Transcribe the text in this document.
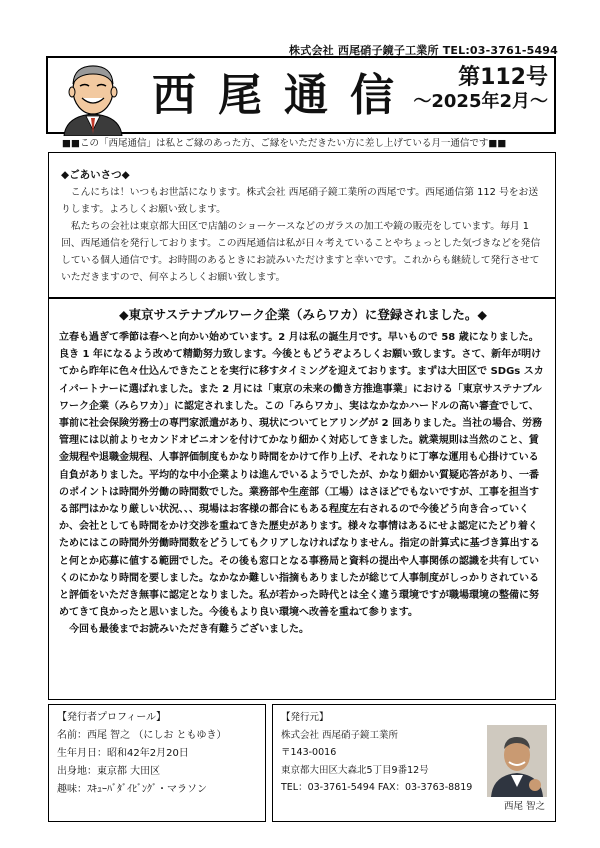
株式会社 西尾硝子鏡子工業所 TEL:03-3761-5494
西尾通信	第112号
～2025年2月～
■■この「西尾通信」は私とご縁のあった方、ご縁をいただきたい方に差し上げている月一通信です■■
◆ごあいさつ◆

こんにちは！いつもお世話になります。株式会社 西尾硝子鏡工業所の西尾です。西尾通信第 112 号をお送りします。よろしくお願い致します。

私たちの会社は東京都大田区で店舗のショーケースなどのガラスの加工や鏡の販売をしています。毎月 1 回、西尾通信を発行しております。この西尾通信は私が日々考えていることやちょっとした気づきなどを発信している個人通信です。お時間のあるときにお読みいただけますと幸いです。これからも継続して発行させていただきますので、何卒よろしくお願い致します。

◆東京サステナブルワーク企業（みらワカ）に登録されました。◆

立春も過ぎて季節は春へと向かい始めています。2 月は私の誕生月です。早いもので 58 歳になりました。良き 1 年になるよう改めて精勤努力致します。今後ともどうぞよろしくお願い致します。さて、新年が明けてから昨年に色々仕込んできたことを実行に移すタイミングを迎えております。まずは大田区で SDGs スカイパートナーに選ばれました。また 2 月には「東京の未来の働き方推進事業」における「東京サステナブルワーク企業（みらワカ）」に認定されました。この「みらワカ」、実はなかなかハードルの高い審査でして、事前に社会保険労務士の専門家派遣があり、現状についてヒアリングが 2 回ありました。当社の場合、労務管理には以前よりセカンドオピニオンを付けてかなり細かく対応してきました。就業規則は当然のこと、賃金規程や退職金規程、人事評価制度もかなり時間をかけて作り上げ、それなりに丁寧な運用も心掛けている自負がありました。平均的な中小企業よりは進んでいるようでしたが、かなり細かい質疑応答があり、一番のポイントは時間外労働の時間数でした。業務部や生産部（工場）はさほどでもないですが、工事を担当する部門はかなり厳しい状況、、、現場はお客様の都合にもある程度左右されるので今後どう向き合っていくか、会社としても時間をかけ交渉を重ねてきた歴史があります。様々な事情はあるにせよ認定にたどり着くためにはこの時間外労働時間数をどうしてもクリアしなければなりません。指定の計算式に基づき算出すると何とか応募に値する範囲でした。その後も窓口となる事務局と資料の提出や人事関係の認識を共有していくのにかなり時間を要しました。なかなか難しい指摘もありましたが総じて人事制度がしっかりされていると評価をいただき無事に認定となりました。私が若かった時代とは全く違う環境ですが職場環境の整備に努めてきて良かったと思いました。今後もより良い環境へ改善を重ねて参ります。

今回も最後までお読みいただき有難うございました。

【発行者プロフィール】
名前：西尾 智之 （にしお ともゆき）
生年月日：昭和42年2月20日
出身地：東京都 大田区
趣味：ｽｷｭｰﾊﾞﾀﾞｲﾋﾞﾝｸﾞ・マラソン
【発行元】
株式会社 西尾硝子鏡工業所
〒143-0016
東京都大田区大森北5丁目9番12号
TEL：03-3761-5494 FAX：03-3763-8819
西尾 智之
